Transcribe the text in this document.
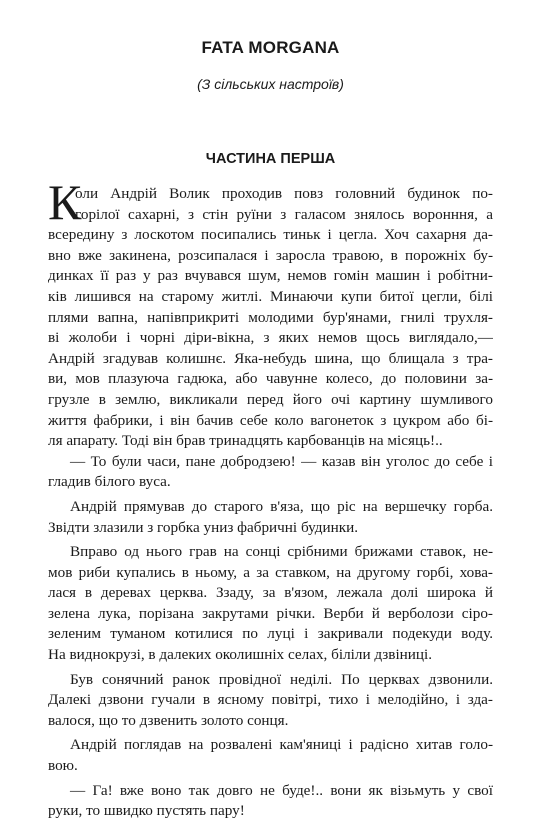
FATA MORGANA
(З сільських настроїв)
ЧАСТИНА ПЕРША
К
оли Андрій Волик проходив повз головний будинок по-
горілої сахарні, з стін руїни з галасом знялось воронння, а
всередину з лоскотом посипались тиньк і цегла. Хоч сахарня да-
вно вже закинена, розсипалася і заросла травою, в порожніх бу-
динках її раз у раз вчувався шум, немов гомін машин і робітни-
ків лишився на старому житлі. Минаючи купи битої цегли, білі
плями вапна, напівприкриті молодими бур'янами, гнилі трухля-
ві жолоби і чорні діри-вікна, з яких немов щось виглядало,—
Андрій згадував колишнє. Яка-небудь шина, що блищала з тра-
ви, мов плазуюча гадюка, або чавунне колесо, до половини за-
грузле в землю, викликали перед його очі картину шумливого
життя фабрики, і він бачив себе коло вагонеток з цукром або бі-
ля апарату. Тоді він брав тринадцять карбованців на місяць!..
— То були часи, пане добродзею! — казав він уголос до себе і
гладив білого вуса.
Андрій прямував до старого в'яза, що ріс на вершечку горба.
Звідти злазили з горбка униз фабричні будинки.
Вправо од нього грав на сонці срібними брижами ставок, не-
мов риби купались в ньому, а за ставком, на другому горбі, хова-
лася в деревах церква. Ззаду, за в'язом, лежала долі широка й
зелена лука, порізана закрутами річки. Верби й верболози сіро-
зеленим туманом котилися по луці і закривали подекуди воду.
На виднокрузі, в далеких околишніх селах, біліли дзвіниці.
Був сонячний ранок провідної неділі. По церквах дзвонили.
Далекі дзвони гучали в ясному повітрі, тихо і мелодійно, і зда-
валося, що то дзвенить золото сонця.
Андрій поглядав на розвалені кам'яниці і радісно хитав голо-
вою.
— Га! вже воно так довго не буде!.. вони як візьмуть у свої
руки, то швидко пустять пару!
